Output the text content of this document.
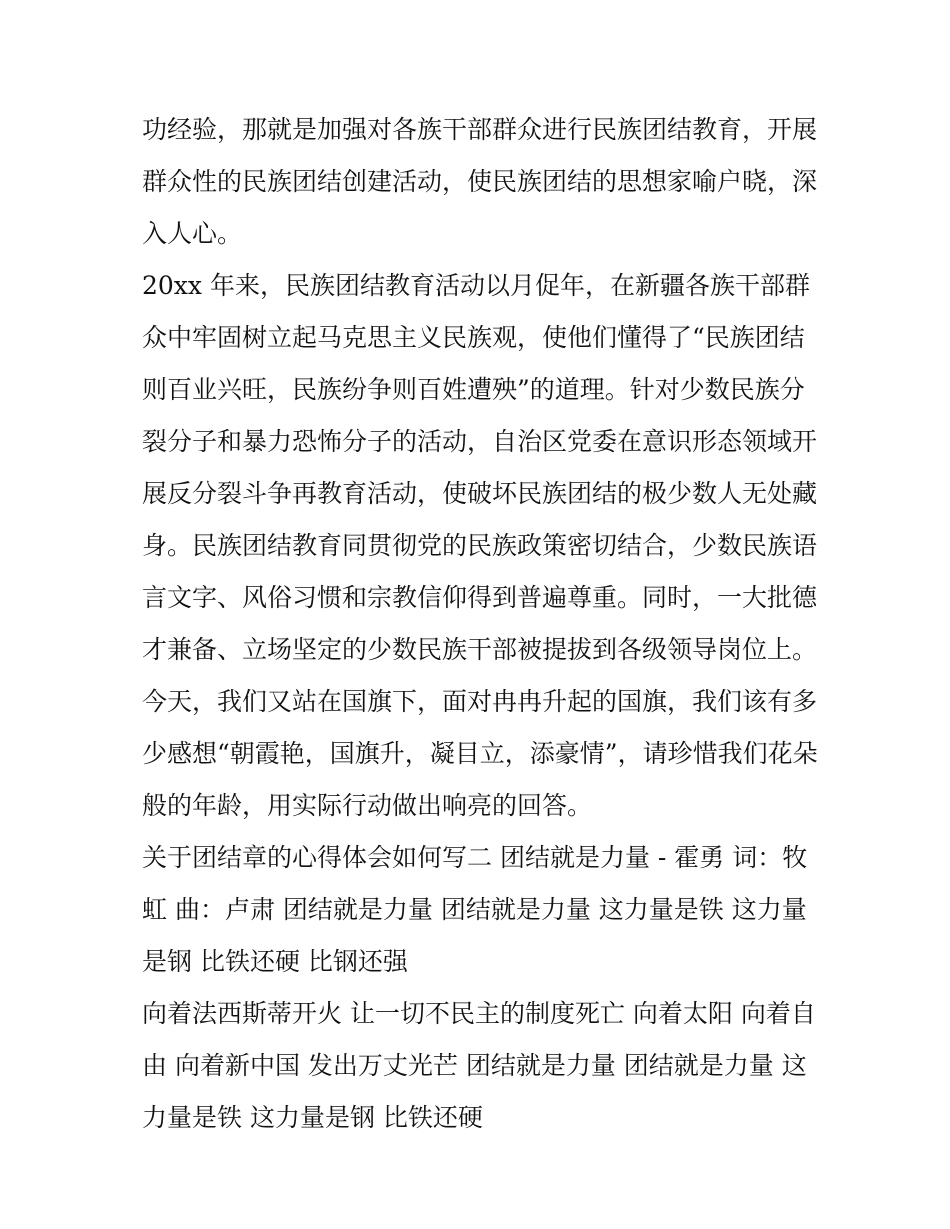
功经验，那就是加强对各族干部群众进行民族团结教育，开展
群众性的民族团结创建活动，使民族团结的思想家喻户晓，深
入人心。

20xx 年来，民族团结教育活动以月促年，在新疆各族干部群
众中牢固树立起马克思主义民族观，使他们懂得了“民族团结
则百业兴旺，民族纷争则百姓遭殃”的道理。针对少数民族分
裂分子和暴力恐怖分子的活动，自治区党委在意识形态领域开
展反分裂斗争再教育活动，使破坏民族团结的极少数人无处藏
身。民族团结教育同贯彻党的民族政策密切结合，少数民族语
言文字、风俗习惯和宗教信仰得到普遍尊重。同时，一大批德
才兼备、立场坚定的少数民族干部被提拔到各级领导岗位上。
今天，我们又站在国旗下，面对冉冉升起的国旗，我们该有多
少感想“朝霞艳，国旗升，凝目立，添豪情”，请珍惜我们花朵
般的年龄，用实际行动做出响亮的回答。

关于团结章的心得体会如何写二 团结就是力量 - 霍勇 词：牧
虹 曲：卢肃 团结就是力量 团结就是力量 这力量是铁 这力量
是钢 比铁还硬 比钢还强

向着法西斯蒂开火 让一切不民主的制度死亡 向着太阳 向着自
由 向着新中国 发出万丈光芒 团结就是力量 团结就是力量 这
力量是铁 这力量是钢 比铁还硬
